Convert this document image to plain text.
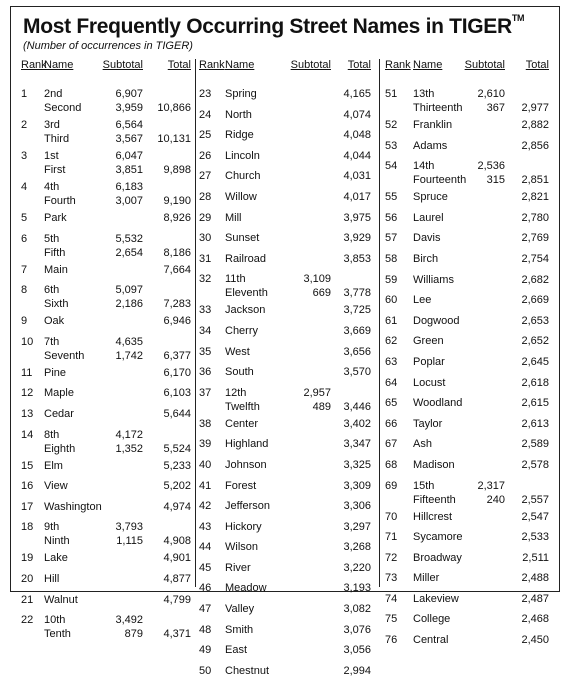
Most Frequently Occurring Street Names in TIGER™
(Number of occurrences in TIGER)
Rank
Name	Subtotal Total
1 2nd	6,907
Second	3,959 10,866
2 3rd	6,564
Third	3,567 10,131
3 1st	6,047
First	3,851 9,898
4 4th	6,183
Fourth	3,007 9,190
5 Park	8,926
6 5th	5,532
Fifth	2,654 8,186
7 Main	7,664
8 6th	5,097
Sixth	2,186 7,283
9 Oak	6,946
10 7th	4,635
Seventh	1,742 6,377
11 Pine	6,170
12 Maple	6,103
13 Cedar	5,644
14 8th	4,172
Eighth	1,352 5,524
15 Elm	5,233
16 View	5,202
17 Washington	4,974
18 9th	3,793
Ninth	1,115 4,908
19 Lake	4,901
20 Hill	4,877
21 Walnut	4,799
22 10th	3,492
Tenth	879 4,371
Rank Name	Subtotal Total
23 Spring	4,165
24 North	4,074
25 Ridge	4,048
26 Lincoln	4,044
27 Church	4,031
28 Willow	4,017
29 Mill	3,975
30 Sunset	3,929
31 Railroad	3,853
32 11th	3,109
Eleventh	669 3,778
33 Jackson	3,725
34 Cherry	3,669
35 West	3,656
36 South	3,570
37 12th	2,957
Twelfth	489 3,446
38 Center	3,402
39 Highland	3,347
40 Johnson	3,325
41 Forest	3,309
42 Jefferson	3,306
43 Hickory	3,297
44 Wilson	3,268
45 River	3,220
46 Meadow	3,193
47 Valley	3,082
48 Smith	3,076
49 East	3,056
50 Chestnut	2,994
Rank Name Subtotal Total
51 13th	2,610
Thirteenth 367 2,977
52 Franklin	2,882
53 Adams	2,856
54 14th	2,536
Fourteenth 315 2,851
55 Spruce	2,821
56 Laurel	2,780
57 Davis	2,769
58 Birch	2,754
59 Williams	2,682
60 Lee	2,669
61 Dogwood	2,653
62 Green	2,652
63 Poplar	2,645
64 Locust	2,618
65 Woodland	2,615
66 Taylor	2,613
67 Ash	2,589
68 Madison	2,578
69 15th	2,317
Fifteenth	240 2,557
70 Hillcrest	2,547
71 Sycamore	2,533
72 Broadway	2,511
73 Miller	2,488
74 Lakeview	2,487
75 College	2,468
76 Central	2,450
